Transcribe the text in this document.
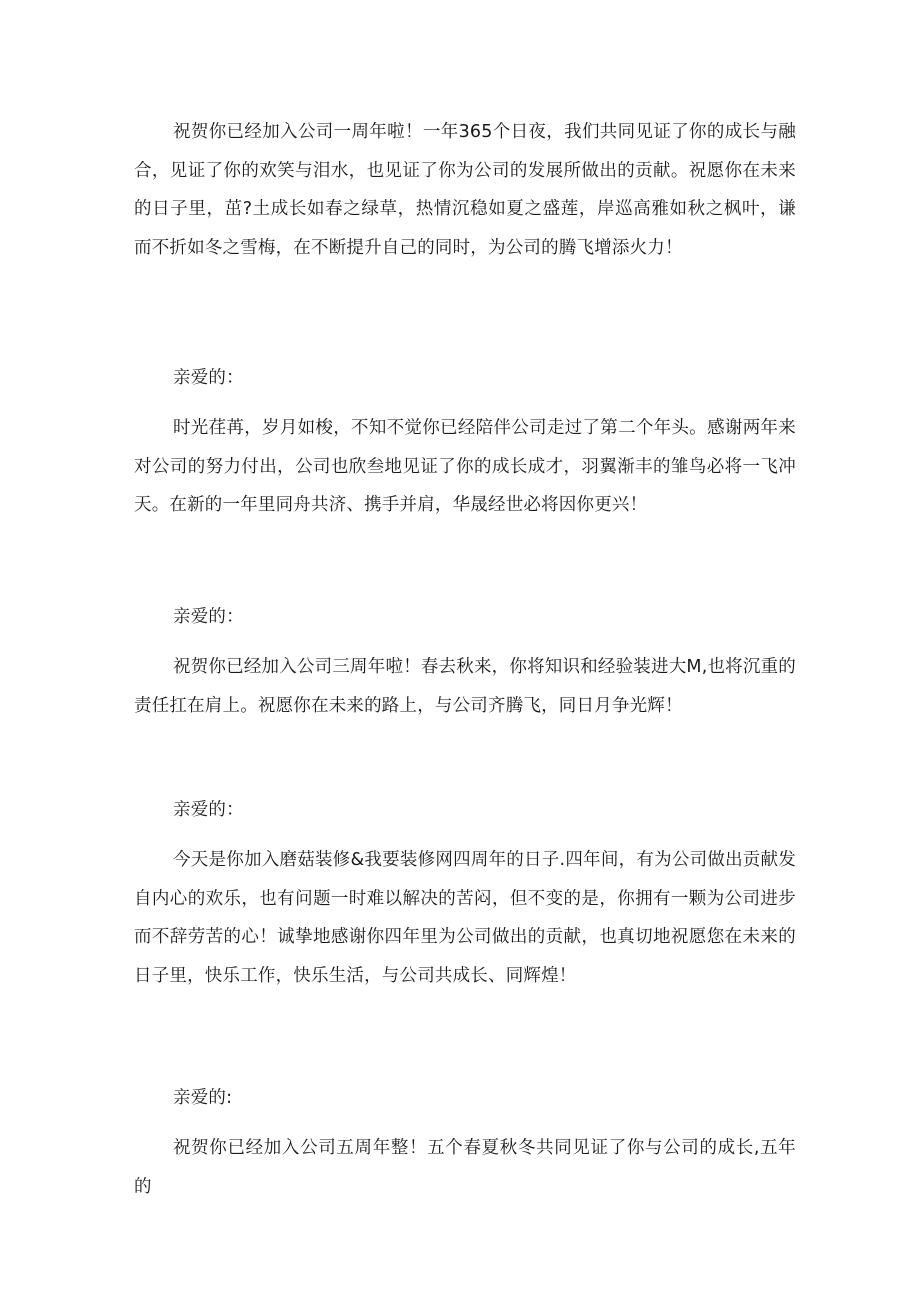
祝贺你已经加入公司一周年啦！一年365个日夜，我们共同见证了你的成长与融合，见证了你的欢笑与泪水，也见证了你为公司的发展所做出的贡献。祝愿你在未来的日子里，茁?土成长如春之绿草，热情沉稳如夏之盛莲，岸巡高雅如秋之枫叶，谦而不折如冬之雪梅，在不断提升自己的同时，为公司的腾飞增添火力！

亲爱的：

时光荏苒，岁月如梭，不知不觉你已经陪伴公司走过了第二个年头。感谢两年来对公司的努力付出，公司也欣叁地见证了你的成长成才，羽翼渐丰的雏鸟必将一飞冲天。在新的一年里同舟共济、携手并肩，华晟经世必将因你更兴！

亲爱的：

祝贺你已经加入公司三周年啦！春去秋来，你将知识和经验装进大M,也将沉重的责任扛在肩上。祝愿你在未来的路上，与公司齐腾飞，同日月争光辉！

亲爱的：

今天是你加入磨菇装修&我要装修网四周年的日子.四年间，有为公司做出贡献发自内心的欢乐，也有问题一时难以解决的苦闷，但不变的是，你拥有一颗为公司进步而不辞劳苦的心！诚挚地感谢你四年里为公司做出的贡献，也真切地祝愿您在未来的日子里，快乐工作，快乐生活，与公司共成长、同辉煌！

亲爱的:

祝贺你已经加入公司五周年整！五个春夏秋冬共同见证了你与公司的成长,五年的
